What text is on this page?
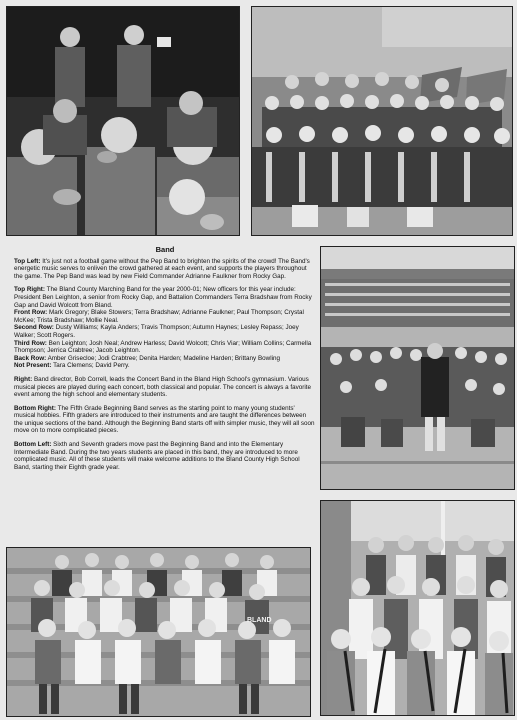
Band

Top Left: It's just not a football game without the Pep Band to brighten the spirits of the crowd! The Band's energetic music serves to enliven the crowd gathered at each event, and supports the players throughout the game. The Pep Band was lead by new Field Commander Adrianne Faulkner from Rocky Gap.

Top Right: The Bland County Marching Band for the year 2000-01; New officers for this year include: President Ben Leighton, a senior from Rocky Gap, and Battalion Commanders Terra Bradshaw from Rocky Gap and David Wolcott from Bland.

Front Row: Mark Gregory; Blake Stowers; Terra Bradshaw; Adrianne Faulkner; Paul Thompson; Crystal McKee; Trista Bradshaw; Mollie Neal.
Second Row: Dusty Williams; Kayla Anders; Travis Thompson; Autumn Haynes; Lesley Repass; Joey Walker; Scott Rogers.
Third Row: Ben Leighton; Josh Neal; Andrew Harless; David Wolcott; Chris Viar; William Collins; Carmella Thompson; Jerrica Crabtree; Jacob Leighton.
Back Row: Amber Grisecloe; Jodi Crabtree; Denita Harden; Madeline Harden; Brittany Bowling
Not Present: Tara Clemens; David Perry.

Right: Band director, Bob Correll, leads the Concert Band in the Bland High School's gymnasium. Various musical pieces are played during each concert, both classical and popular. The concert is always a favorite event among the high school and elementary students.

Bottom Right: The Fifth Grade Beginning Band serves as the starting point to many young students' musical hobbies. Fifth graders are introduced to their instruments and are taught the differences between the unique sections of the band. Although the Beginning Band starts off with simpler music, they will all soon move on to more complicated pieces.

Bottom Left: Sixth and Seventh graders move past the Beginning Band and into the Elementary Intermediate Band. During the two years students are placed in this band, they are introduced to more complicated music. All of these students will make welcome additions to the Bland County High School Band, starting their Eighth grade year.

BLAND
